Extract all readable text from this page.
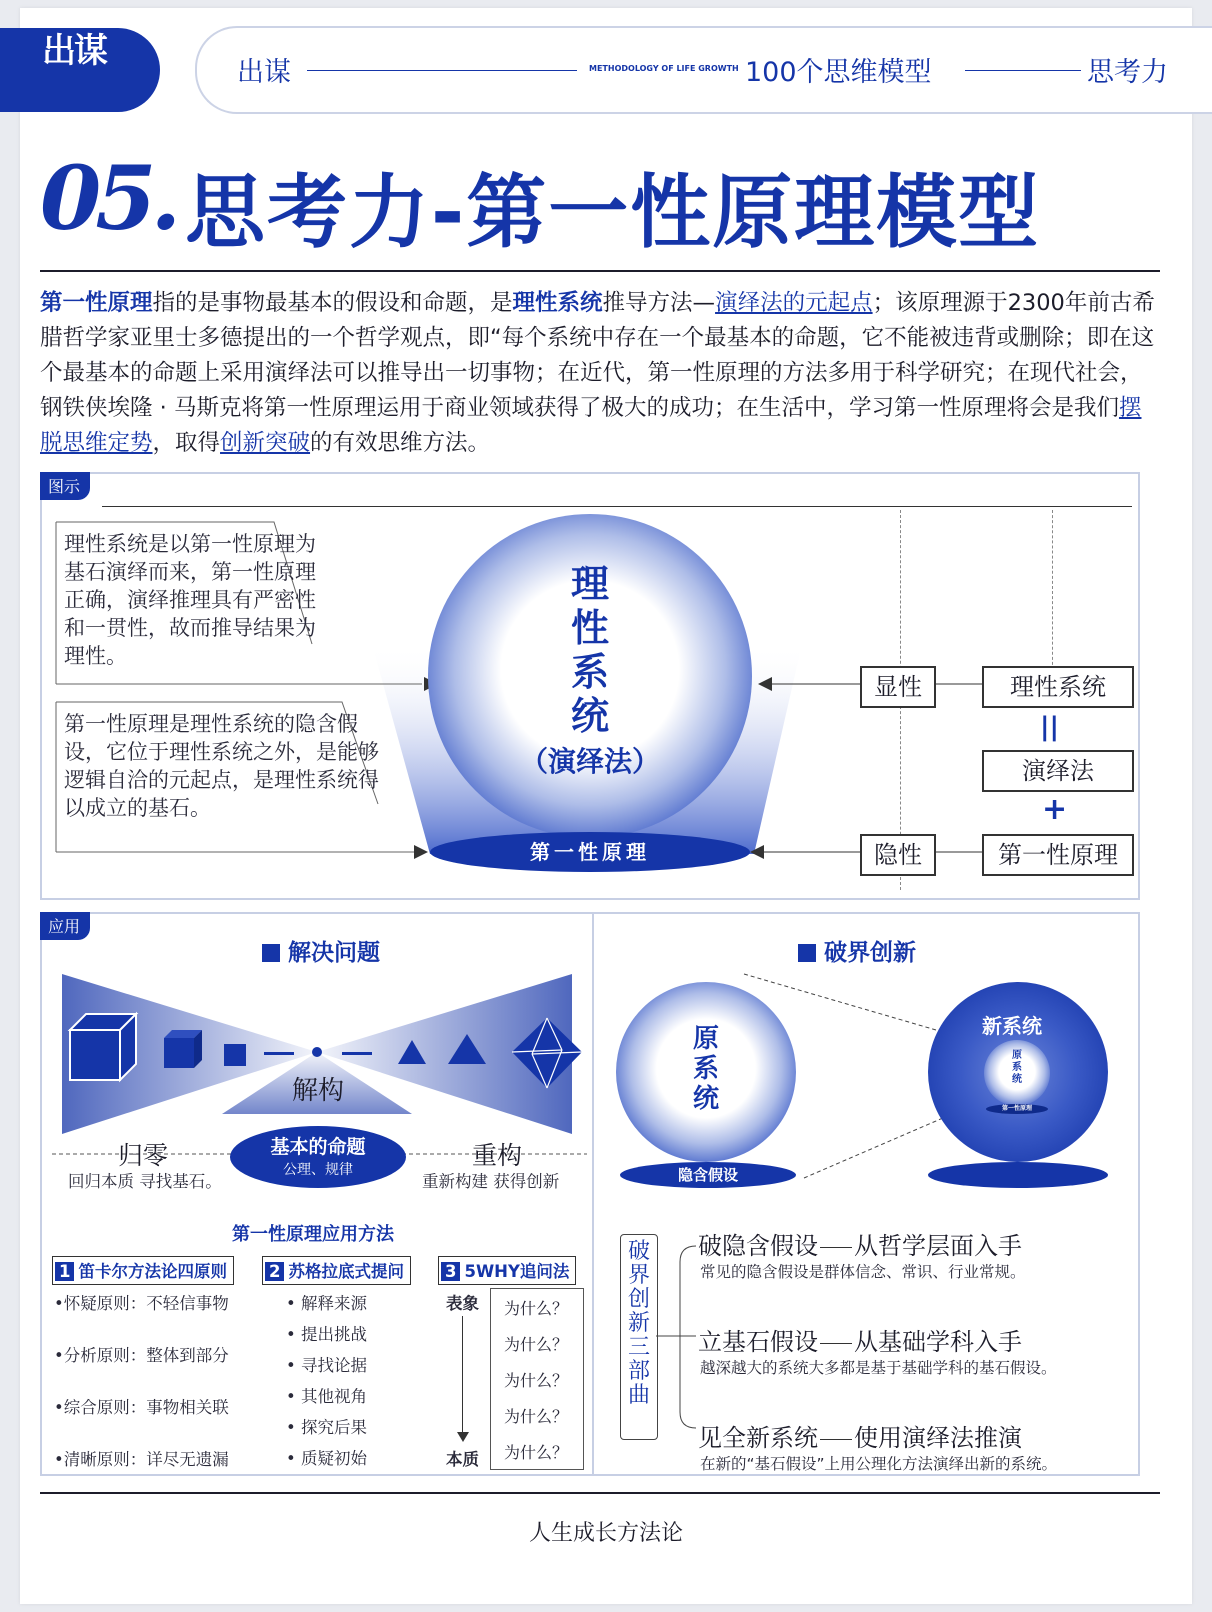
出谋
出谋	METHODOLOGY OF LIFE GROWTH 100个思维模型	思考力
05. 思考力-第一性原理模型
第一性原理指的是事物最基本的假设和命题，是理性系统推导方法—演绎法的元起点；该原理源于2300年前古希腊哲学家亚里士多德提出的一个哲学观点，即“每个系统中存在一个最基本的命题，它不能被违背或删除；即在这个最基本的命题上采用演绎法可以推导出一切事物；在近代，第一性原理的方法多用于科学研究；在现代社会，钢铁侠埃隆 · 马斯克将第一性原理运用于商业领域获得了极大的成功；在生活中，学习第一性原理将会是我们摆脱思维定势，取得创新突破的有效思维方法。
图示
理性系统是以第一性原理为基石演绎而来，第一性原理正确，演绎推理具有严密性和一贯性，故而推导结果为理性。
第一性原理是理性系统的隐含假设，它位于理性系统之外，是能够逻辑自洽的元起点，是理性系统得以成立的基石。
理性系统
（演绎法）
第一性原理
显性
隐性
理性系统
||
演绎法
+
第一性原理
应用
解决问题
解构
基本的命题
公理、规律
归零
回归本质 寻找基石。
重构
重新构建 获得创新
第一性原理应用方法
1 笛卡尔方法论四原则
•怀疑原则：不轻信事物
•分析原则：整体到部分
•综合原则：事物相关联
•清晰原则：详尽无遗漏
2 苏格拉底式提问
• 解释来源
• 提出挑战
• 寻找论据
• 其他视角
• 探究后果
• 质疑初始
3 5WHY追问法
表象
本质
为什么？
为什么？
为什么？
为什么？
为什么？
破界创新
原系统
隐含假设
新系统
原系统
第一性原理
破界创新三部曲
破隐含假设 从哲学层面入手
常见的隐含假设是群体信念、常识、行业常规。
立基石假设 从基础学科入手
越深越大的系统大多都是基于基础学科的基石假设。
见全新系统 使用演绎法推演
在新的“基石假设”上用公理化方法演绎出新的系统。
人生成长方法论
